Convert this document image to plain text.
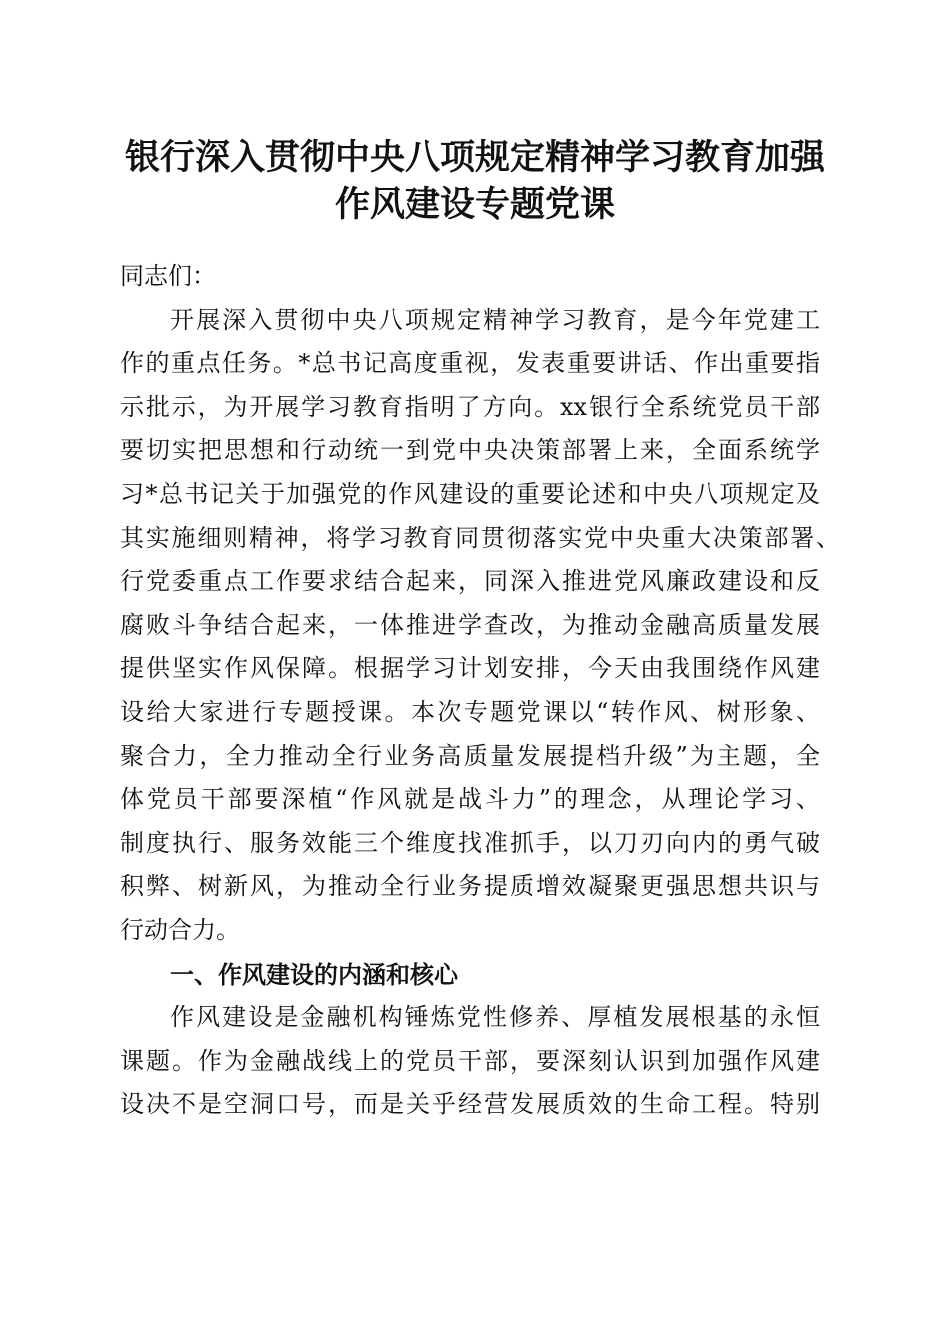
银行深入贯彻中央八项规定精神学习教育加强
作风建设专题党课
同志们：
开展深入贯彻中央八项规定精神学习教育，是今年党建工
作的重点任务。*总书记高度重视，发表重要讲话、作出重要指
示批示，为开展学习教育指明了方向。xx银行全系统党员干部
要切实把思想和行动统一到党中央决策部署上来，全面系统学
习*总书记关于加强党的作风建设的重要论述和中央八项规定及
其实施细则精神，将学习教育同贯彻落实党中央重大决策部署、
行党委重点工作要求结合起来，同深入推进党风廉政建设和反
腐败斗争结合起来，一体推进学查改，为推动金融高质量发展
提供坚实作风保障。根据学习计划安排，今天由我围绕作风建
设给大家进行专题授课。本次专题党课以“转作风、树形象、
聚合力，全力推动全行业务高质量发展提档升级”为主题，全
体党员干部要深植“作风就是战斗力”的理念，从理论学习、
制度执行、服务效能三个维度找准抓手，以刀刃向内的勇气破
积弊、树新风，为推动全行业务提质增效凝聚更强思想共识与
行动合力。
一、作风建设的内涵和核心
作风建设是金融机构锤炼党性修养、厚植发展根基的永恒
课题。作为金融战线上的党员干部，要深刻认识到加强作风建
设决不是空洞口号，而是关乎经营发展质效的生命工程。特别
